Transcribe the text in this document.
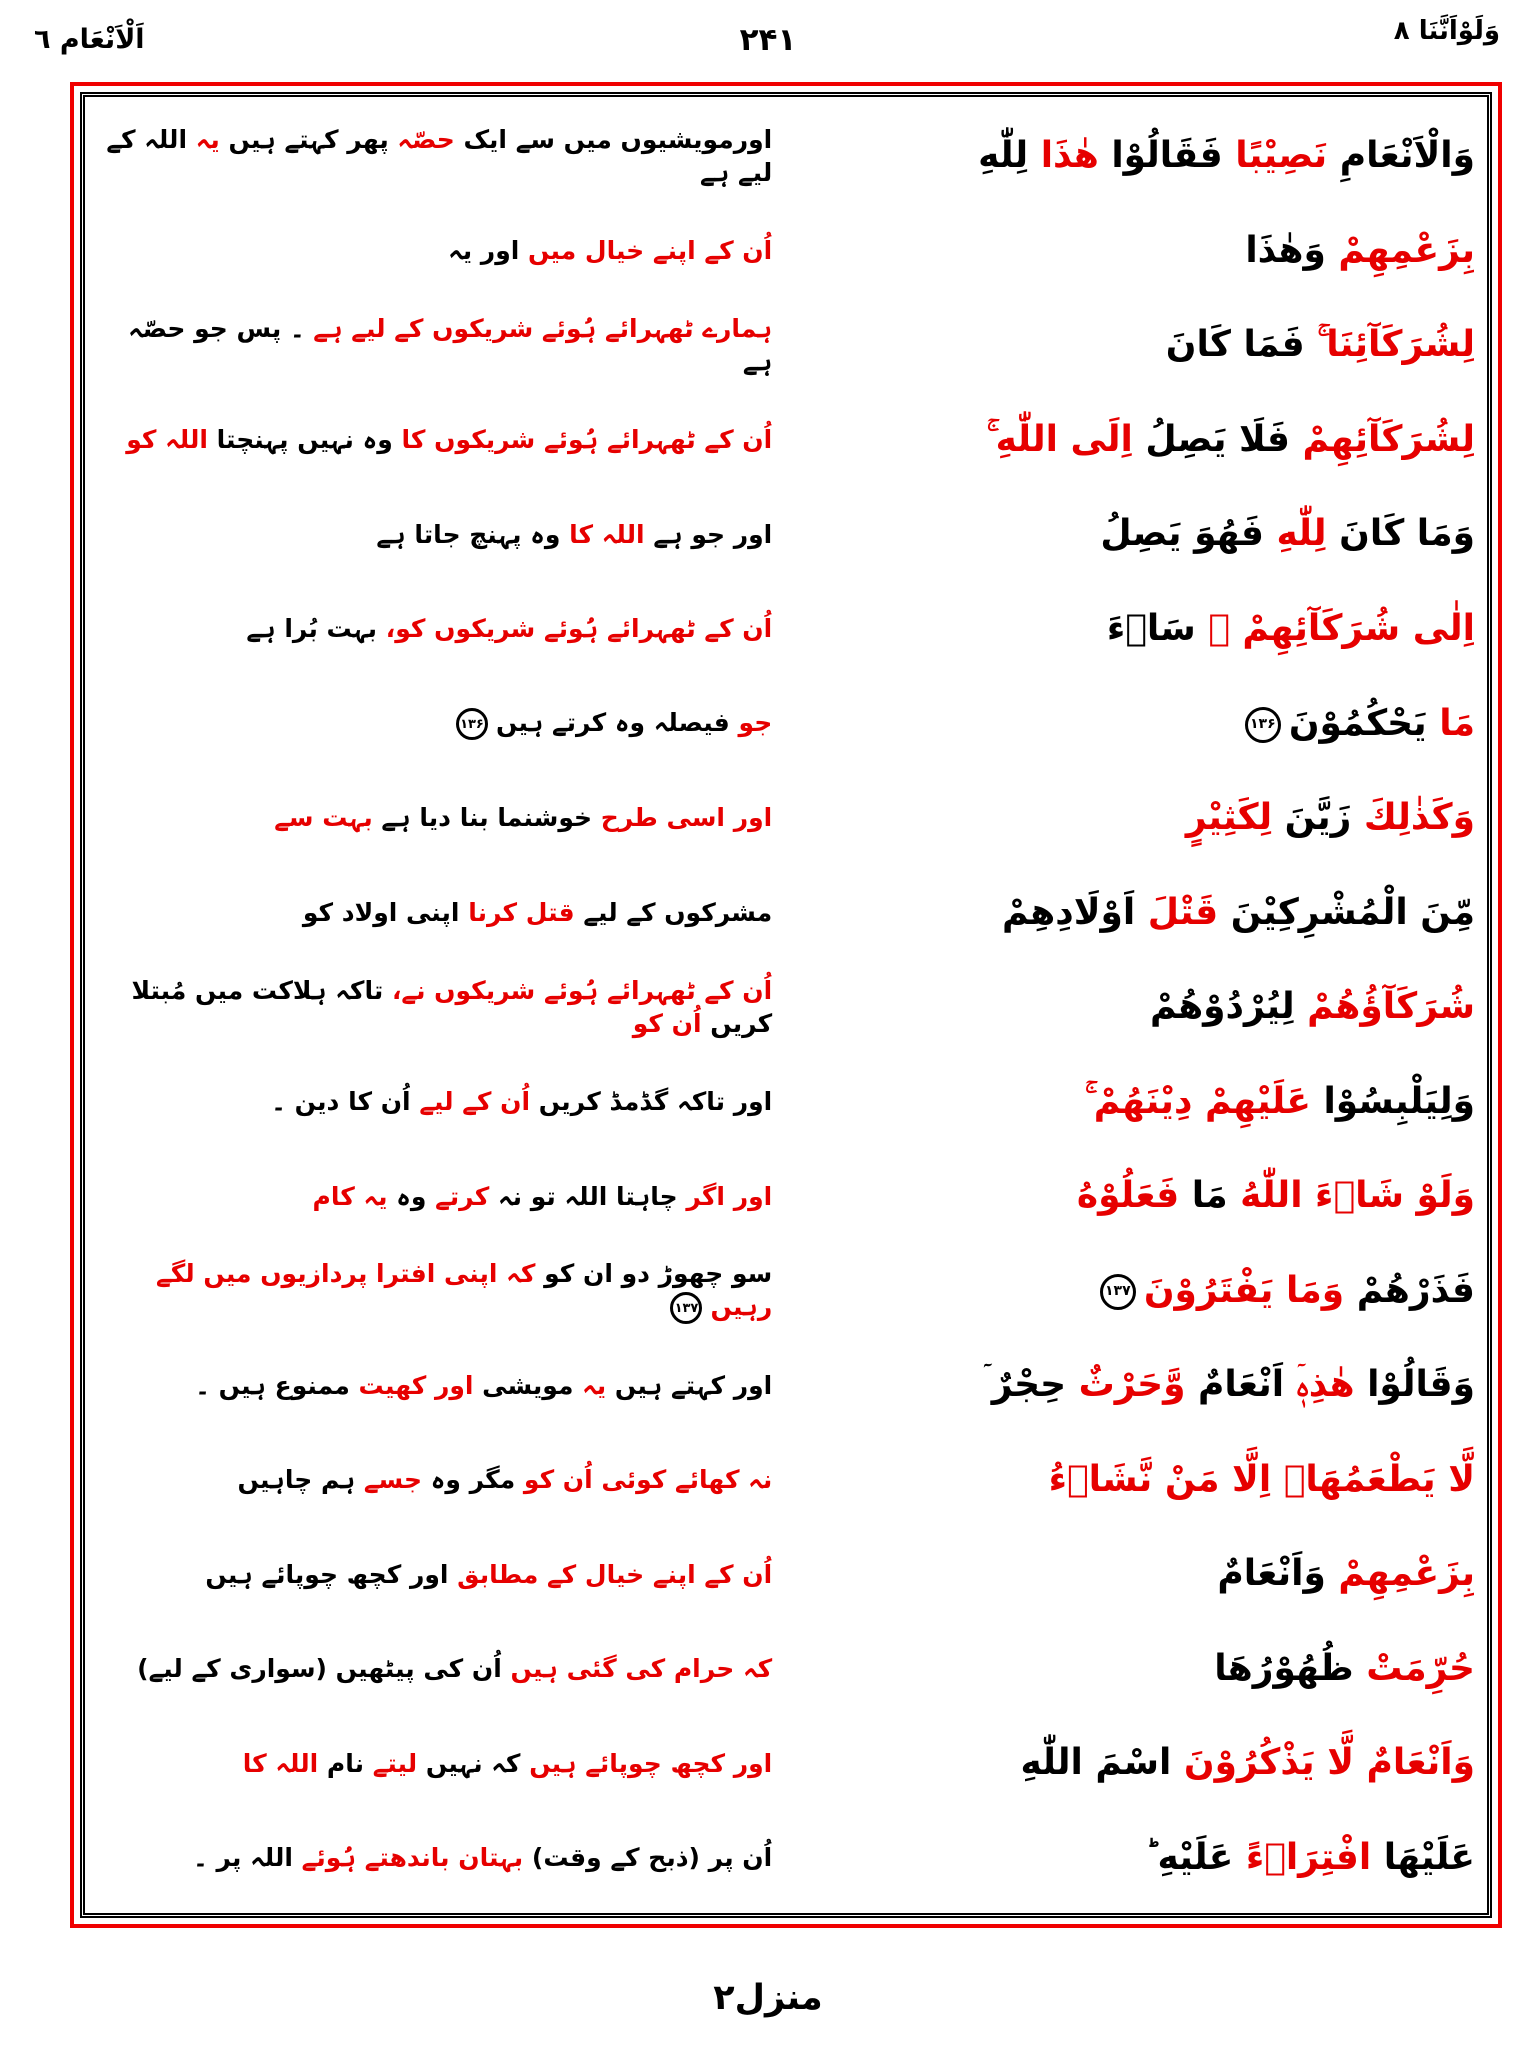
اَلْاَنْعَام ٦	۲۴۱	وَلَوْاَنَّنَا ۸
وَالْاَنْعَامِ نَصِيْبًا فَقَالُوْا هٰذَا لِلّٰهِ
اورمویشیوں میں سے ایک حصّہ پھر کہتے ہیں یہ اللہ کے لیے ہے
بِزَعْمِهِمْ وَهٰذَا
اُن کے اپنے خیال میں اور یہ
لِشُرَكَآئِنَا ۚ فَمَا كَانَ
ہمارے ٹھہرائے ہُوئے شریکوں کے لیے ہے ۔ پس جو حصّہ ہے
لِشُرَكَآئِهِمْ فَلَا يَصِلُ اِلَى اللّٰهِ ۚ
اُن کے ٹھہرائے ہُوئے شریکوں کا وہ نہیں پہنچتا اللہ کو
وَمَا كَانَ لِلّٰهِ فَهُوَ يَصِلُ
اور جو ہے اللہ کا وہ پہنچ جاتا ہے
اِلٰى شُرَكَآئِهِمْ ۗ سَاۤءَ
اُن کے ٹھہرائے ہُوئے شریکوں کو، بہت بُرا ہے
مَا يَحْكُمُوْنَ۱۳۶
جو فیصلہ وہ کرتے ہیں۱۳۶
وَكَذٰلِكَ زَيَّنَ لِكَثِيْرٍ
اور اسی طرح خوشنما بنا دیا ہے بہت سے
مِّنَ الْمُشْرِكِيْنَ قَتْلَ اَوْلَادِهِمْ
مشرکوں کے لیے قتل کرنا اپنی اولاد کو
شُرَكَآؤُهُمْ لِيُرْدُوْهُمْ
اُن کے ٹھہرائے ہُوئے شریکوں نے، تاکہ ہلاکت میں مُبتلا کریں اُن کو
وَلِيَلْبِسُوْا عَلَيْهِمْ دِيْنَهُمْ ۚ
اور تاکہ گڈمڈ کریں اُن کے لیے اُن کا دین ۔
وَلَوْ شَاۤءَ اللّٰهُ مَا فَعَلُوْهُ
اور اگر چاہتا اللہ تو نہ کرتے وہ یہ کام
فَذَرْهُمْ وَمَا يَفْتَرُوْنَ۱۳۷
سو چھوڑ دو ان کو کہ اپنی افترا پردازیوں میں لگے رہیں۱۳۷
وَقَالُوْا هٰذِهٖۤ اَنْعَامٌ وَّحَرْثٌ حِجْرٌ ۤ
اور کہتے ہیں یہ مویشی اور کھیت ممنوع ہیں ۔
لَّا يَطْعَمُهَاۤ اِلَّا مَنْ نَّشَاۤءُ
نہ کھائے کوئی اُن کو مگر وہ جسے ہم چاہیں
بِزَعْمِهِمْ وَاَنْعَامٌ
اُن کے اپنے خیال کے مطابق اور کچھ چوپائے ہیں
حُرِّمَتْ ظُهُوْرُهَا
کہ حرام کی گئی ہیں اُن کی پیٹھیں (سواری کے لیے)
وَاَنْعَامٌ لَّا يَذْكُرُوْنَ اسْمَ اللّٰهِ
اور کچھ چوپائے ہیں کہ نہیں لیتے نام اللہ کا
عَلَيْهَا افْتِرَاۤءً عَلَيْهِ ؕ
اُن پر (ذبح کے وقت) بہتان باندھتے ہُوئے اللہ پر ۔
منزل۲
